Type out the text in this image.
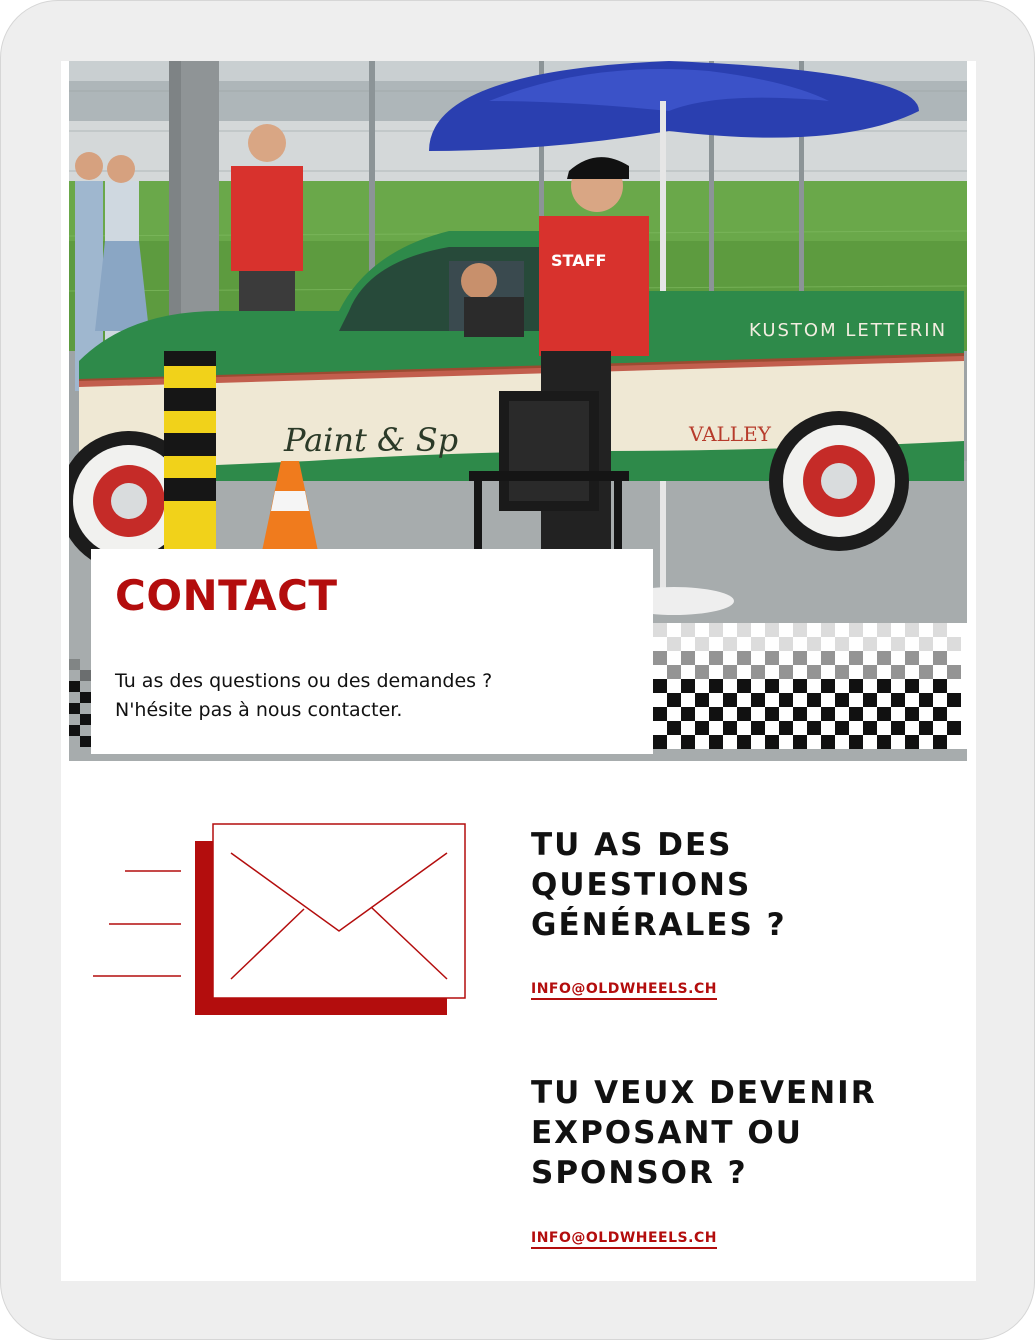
STAFF
KUSTOM LETTERIN
Paint & Sp	VALLEY
CONTACT

Tu as des questions ou des demandes ?
N'hésite pas à nous contacter.

TU AS DES
QUESTIONS
GÉNÉRALES ?
INFO@OLDWHEELS.CH
TU VEUX DEVENIR
EXPOSANT OU
SPONSOR ?
INFO@OLDWHEELS.CH
